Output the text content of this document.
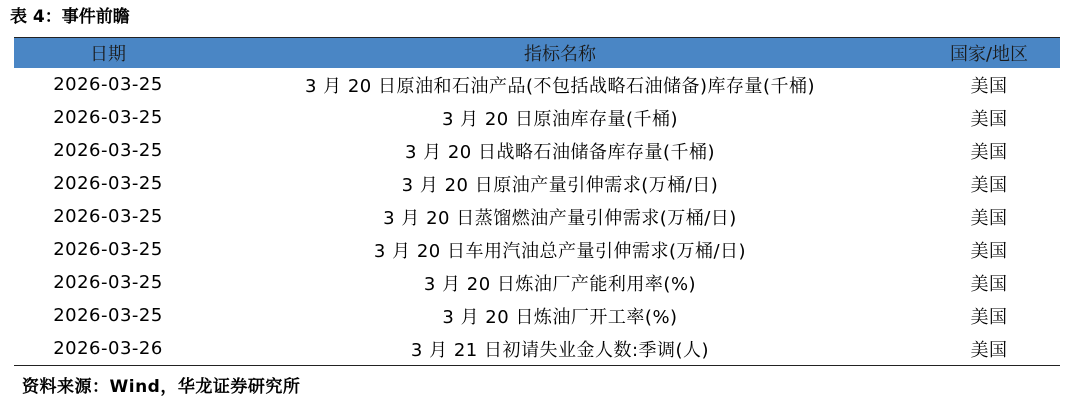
表 4：事件前瞻
日期	指标名称	国家/地区
2026-03-25	3 月 20 日原油和石油产品(不包括战略石油储备)库存量(千桶)	美国
2026-03-25	3 月 20 日原油库存量(千桶)	美国
2026-03-25	3 月 20 日战略石油储备库存量(千桶)	美国
2026-03-25	3 月 20 日原油产量引伸需求(万桶/日)	美国
2026-03-25	3 月 20 日蒸馏燃油产量引伸需求(万桶/日)	美国
2026-03-25	3 月 20 日车用汽油总产量引伸需求(万桶/日)	美国
2026-03-25	3 月 20 日炼油厂产能利用率(%)	美国
2026-03-25	3 月 20 日炼油厂开工率(%)	美国
2026-03-26	3 月 21 日初请失业金人数:季调(人)	美国
资料来源：Wind，华龙证券研究所
